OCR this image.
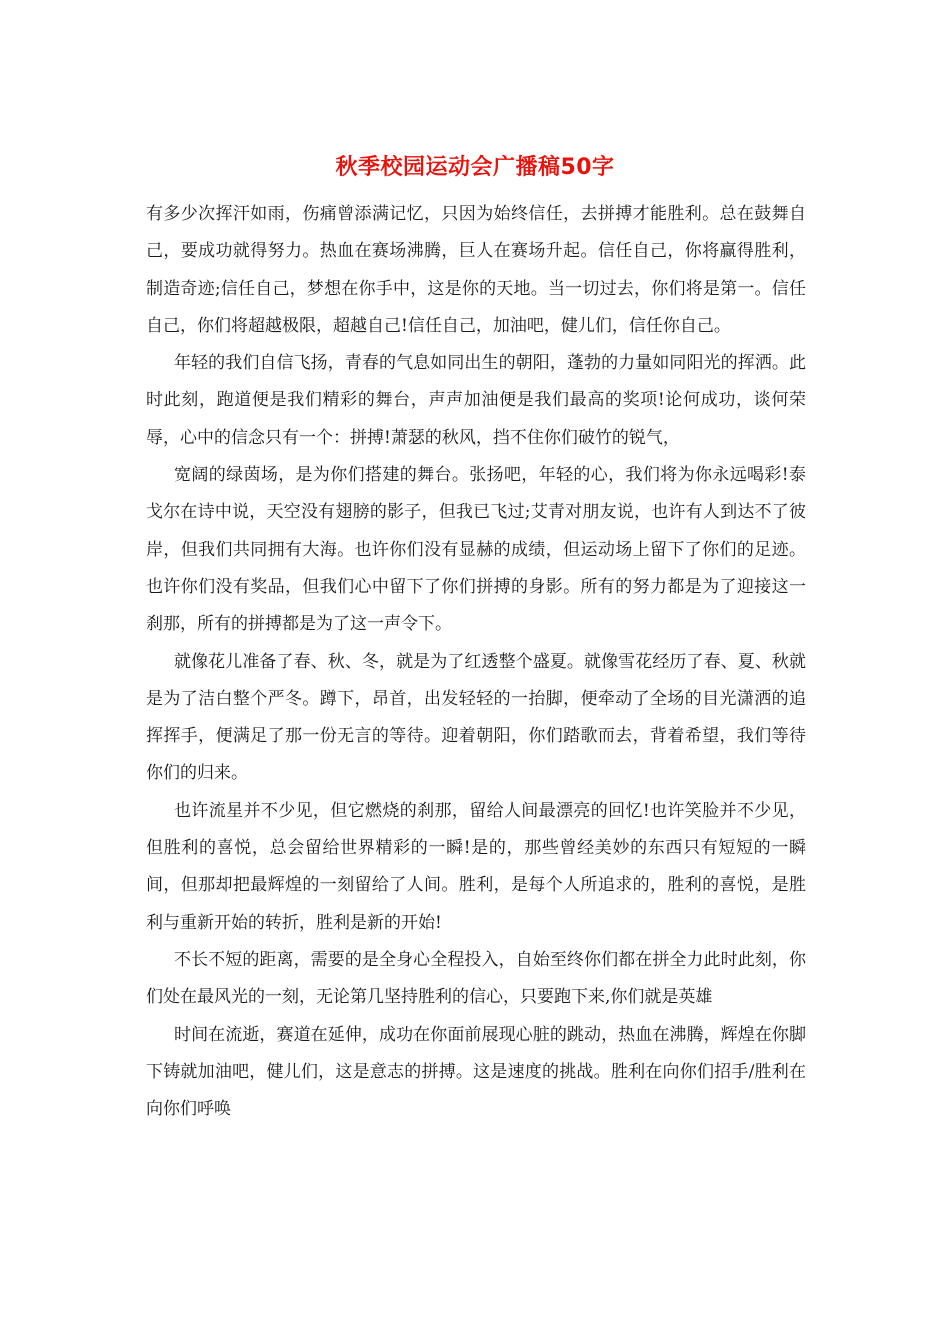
秋季校园运动会广播稿50字

有多少次挥汗如雨，伤痛曾添满记忆，只因为始终信任，去拼搏才能胜利。总在鼓舞自己，要成功就得努力。热血在赛场沸腾，巨人在赛场升起。信任自己，你将赢得胜利，制造奇迹;信任自己，梦想在你手中，这是你的天地。当一切过去，你们将是第一。信任自己，你们将超越极限，超越自己!信任自己，加油吧，健儿们，信任你自己。

年轻的我们自信飞扬，青春的气息如同出生的朝阳，蓬勃的力量如同阳光的挥洒。此时此刻，跑道便是我们精彩的舞台，声声加油便是我们最高的奖项!论何成功，谈何荣辱，心中的信念只有一个：拼搏!萧瑟的秋风，挡不住你们破竹的锐气，

宽阔的绿茵场，是为你们搭建的舞台。张扬吧，年轻的心，我们将为你永远喝彩!泰戈尔在诗中说，天空没有翅膀的影子，但我已飞过;艾青对朋友说，也许有人到达不了彼岸，但我们共同拥有大海。也许你们没有显赫的成绩，但运动场上留下了你们的足迹。也许你们没有奖品，但我们心中留下了你们拼搏的身影。所有的努力都是为了迎接这一刹那，所有的拼搏都是为了这一声令下。

就像花儿准备了春、秋、冬，就是为了红透整个盛夏。就像雪花经历了春、夏、秋就是为了洁白整个严冬。蹲下，昂首，出发轻轻的一抬脚，便牵动了全场的目光潇洒的追挥挥手，便满足了那一份无言的等待。迎着朝阳，你们踏歌而去，背着希望，我们等待你们的归来。

也许流星并不少见，但它燃烧的刹那，留给人间最漂亮的回忆!也许笑脸并不少见，但胜利的喜悦，总会留给世界精彩的一瞬!是的，那些曾经美妙的东西只有短短的一瞬间，但那却把最辉煌的一刻留给了人间。胜利，是每个人所追求的，胜利的喜悦，是胜利与重新开始的转折，胜利是新的开始!

不长不短的距离，需要的是全身心全程投入，自始至终你们都在拼全力此时此刻，你们处在最风光的一刻，无论第几坚持胜利的信心，只要跑下来,你们就是英雄

时间在流逝，赛道在延伸，成功在你面前展现心脏的跳动，热血在沸腾，辉煌在你脚下铸就加油吧，健儿们，这是意志的拼搏。这是速度的挑战。胜利在向你们招手/胜利在向你们呼唤
